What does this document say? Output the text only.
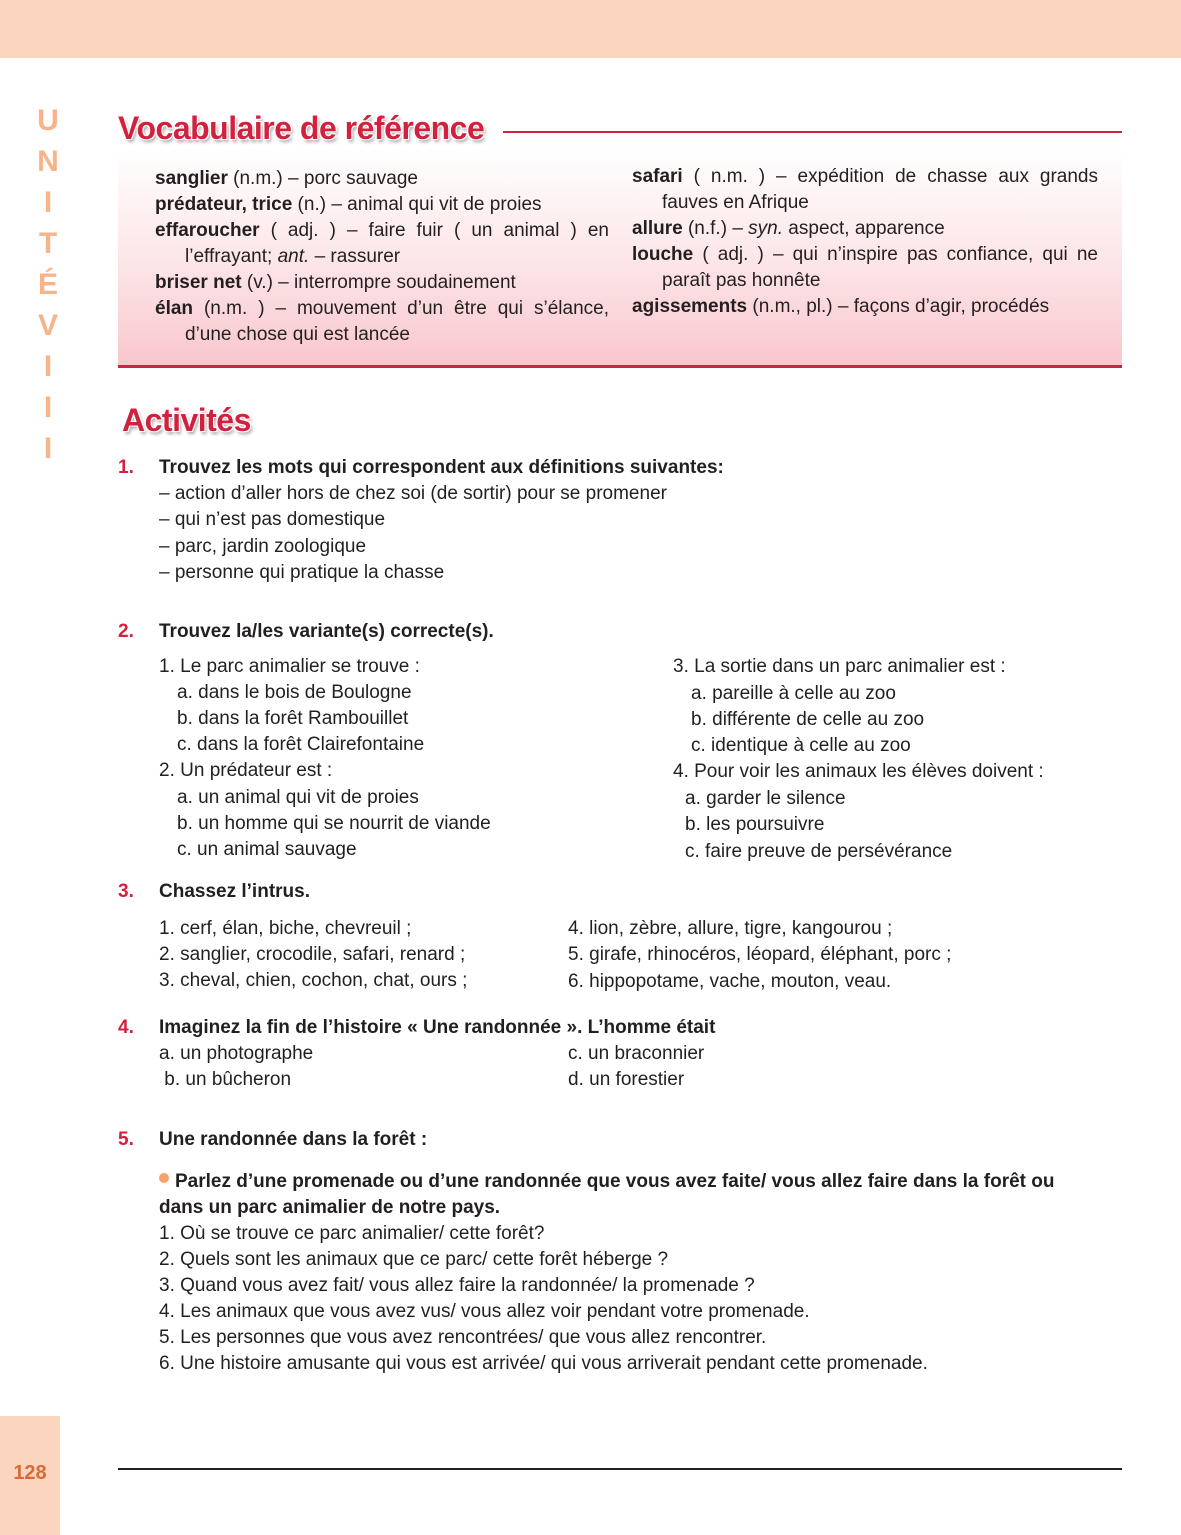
U
N
I
T
É
V
I
I
I
Vocabulaire de référence
sanglier (n.m.) – porc sauvage
prédateur, trice (n.) – animal qui vit de proies
effaroucher ( adj. ) – faire fuir ( un animal ) en l’effrayant; ant. – rassurer
briser net (v.) – interrompre soudainement
élan (n.m. ) – mouvement d’un être qui s’élance, d’une chose qui est lancée
safari ( n.m. ) – expédition de chasse aux grands fauves en Afrique
allure (n.f.) – syn. aspect, apparence
louche ( adj. ) – qui n’inspire pas confiance, qui ne paraît pas honnête
agissements (n.m., pl.) – façons d’agir, procédés
Activités
1. Trouvez les mots qui correspondent aux définitions suivantes:
– action d’aller hors de chez soi (de sortir) pour se promener
– qui n’est pas domestique
– parc, jardin zoologique
– personne qui pratique la chasse
2. Trouvez la/les variante(s) correcte(s).
1. Le parc animalier se trouve :
a. dans le bois de Boulogne
b. dans la forêt Rambouillet
c. dans la forêt Clairefontaine
2. Un prédateur est :
a. un animal qui vit de proies
b. un homme qui se nourrit de viande
c. un animal sauvage
3. La sortie dans un parc animalier est :
a. pareille à celle au zoo
b. différente de celle au zoo
c. identique à celle au zoo
4. Pour voir les animaux les élèves doivent :
a. garder le silence
b. les poursuivre
c. faire preuve de persévérance
3. Chassez l’intrus.
1. cerf, élan, biche, chevreuil ;
2. sanglier, crocodile, safari, renard ;
3. cheval, chien, cochon, chat, ours ;
4. lion, zèbre, allure, tigre, kangourou ;
5. girafe, rhinocéros, léopard, éléphant, porc ;
6. hippopotame, vache, mouton, veau.
4. Imaginez la fin de l’histoire « Une randonnée ». L’homme était
a. un photographe
b. un bûcheron
c. un braconnier
d. un forestier
5. Une randonnée dans la forêt :
Parlez d’une promenade ou d’une randonnée que vous avez faite/ vous allez faire dans la forêt ou
dans un parc animalier de notre pays.
1. Où se trouve ce parc animalier/ cette forêt?
2. Quels sont les animaux que ce parc/ cette forêt héberge ?
3. Quand vous avez fait/ vous allez faire la randonnée/ la promenade ?
4. Les animaux que vous avez vus/ vous allez voir pendant votre promenade.
5. Les personnes que vous avez rencontrées/ que vous allez rencontrer.
6. Une histoire amusante qui vous est arrivée/ qui vous arriverait pendant cette promenade.
128
